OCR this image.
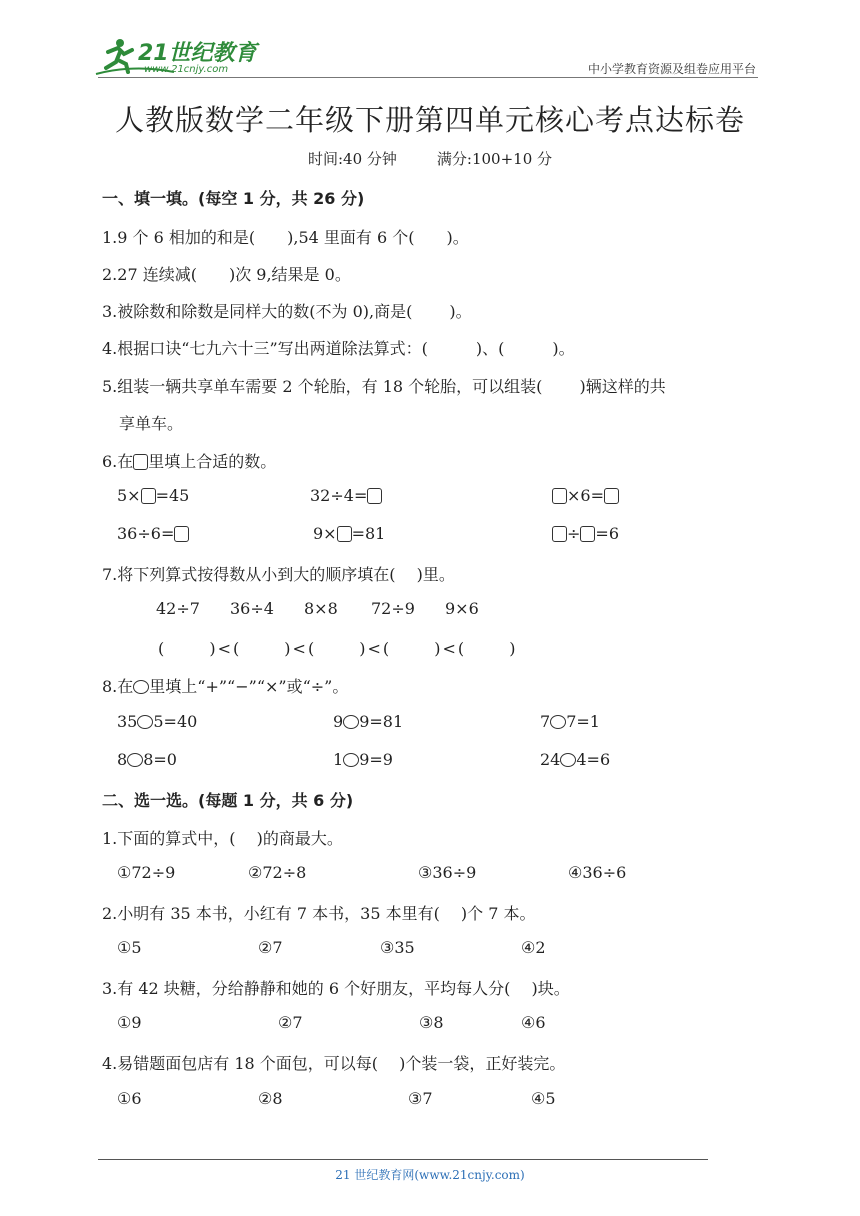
21世纪教育
www.21cnjy.com	中小学教育资源及组卷应用平台
人教版数学二年级下册第四单元核心考点达标卷
时间:40 分钟	满分:100+10 分
一、填一填。(每空 1 分，共 26 分)
1.9 个 6 相加的和是(　　),54 里面有 6 个(　　)。
2.27 连续减(　　)次 9,结果是 0。
3.被除数和除数是同样大的数(不为 0),商是(　　 )。
4.根据口诀“七九六十三”写出两道除法算式：(　　　)、(　　　)。
5.组装一辆共享单车需要 2 个轮胎，有 18 个轮胎，可以组装(　　 )辆这样的共
享单车。
6.在 里填上合适的数。
5× =45	32÷4=	×6=
36÷6=	9× =81	÷ =6
7.将下列算式按得数从小到大的顺序填在(　 )里。
42÷7 36÷4 8×8 72÷9 9×6
(　　 )<(　　 )<(　　 )<(　　 )<(　　 )
8.在 里填上“+”“−”“×”或“÷”。
35 5=40	9 9=81	7 7=1
8 8=0	1 9=9	24 4=6
二、选一选。(每题 1 分，共 6 分)
1.下面的算式中，(　 )的商最大。
①72÷9	②72÷8	③36÷9	④36÷6
2.小明有 35 本书，小红有 7 本书，35 本里有(　 )个 7 本。
①5	②7	③35	④2
3.有 42 块糖，分给静静和她的 6 个好朋友，平均每人分(　 )块。
①9	②7	③8	④6
4.易错题面包店有 18 个面包，可以每(　 )个装一袋，正好装完。
①6	②8	③7	④5
21 世纪教育网(www.21cnjy.com)
